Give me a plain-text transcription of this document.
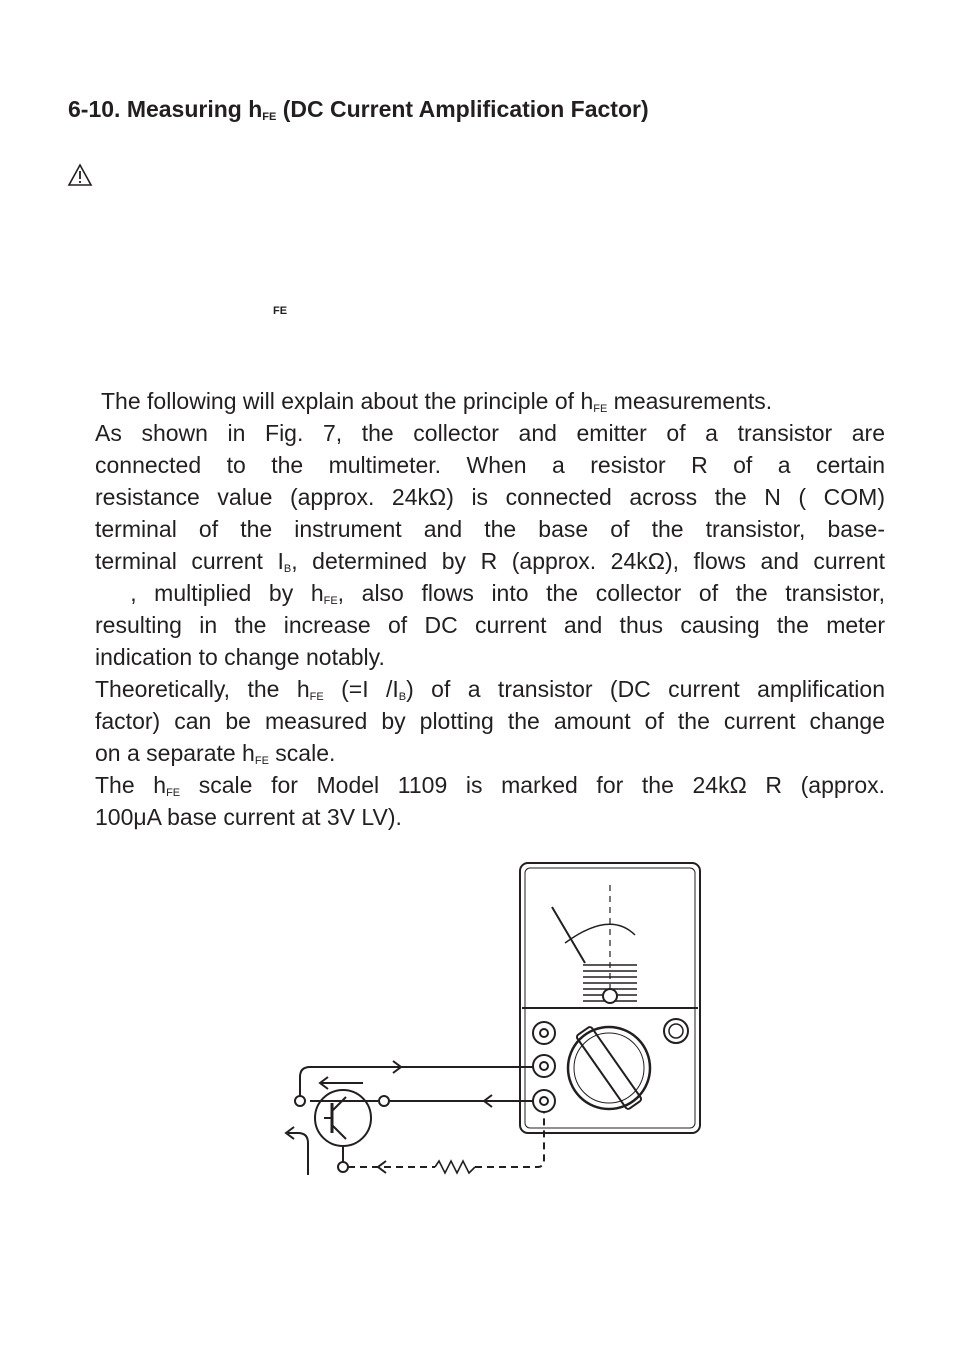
6-10. Measuring $h_{FE}$ (DC Current Amplification Factor)
FE
The following will explain about the principle of $h_{FE}$ measurements.
As shown in Fig. 7, the collector and emitter of a transistor are
connected to the multimeter. When a resistor R of a certain
resistance value (approx. 24kΩ) is connected across the N ( COM)
terminal of the instrument and the base of the transistor, base-
terminal current $I_B$, determined by R (approx. 24kΩ), flows and current
, multiplied by $h_{FE}$, also flows into the collector of the transistor,
resulting in the increase of DC current and thus causing the meter
indication to change notably.
Theoretically, the $h_{FE}$ (=I $/I_B$) of a transistor (DC current amplification
factor) can be measured by plotting the amount of the current change
on a separate $h_{FE}$ scale.
The $h_{FE}$ scale for Model 1109 is marked for the 24kΩ R (approx.
100μA base current at 3V LV).
